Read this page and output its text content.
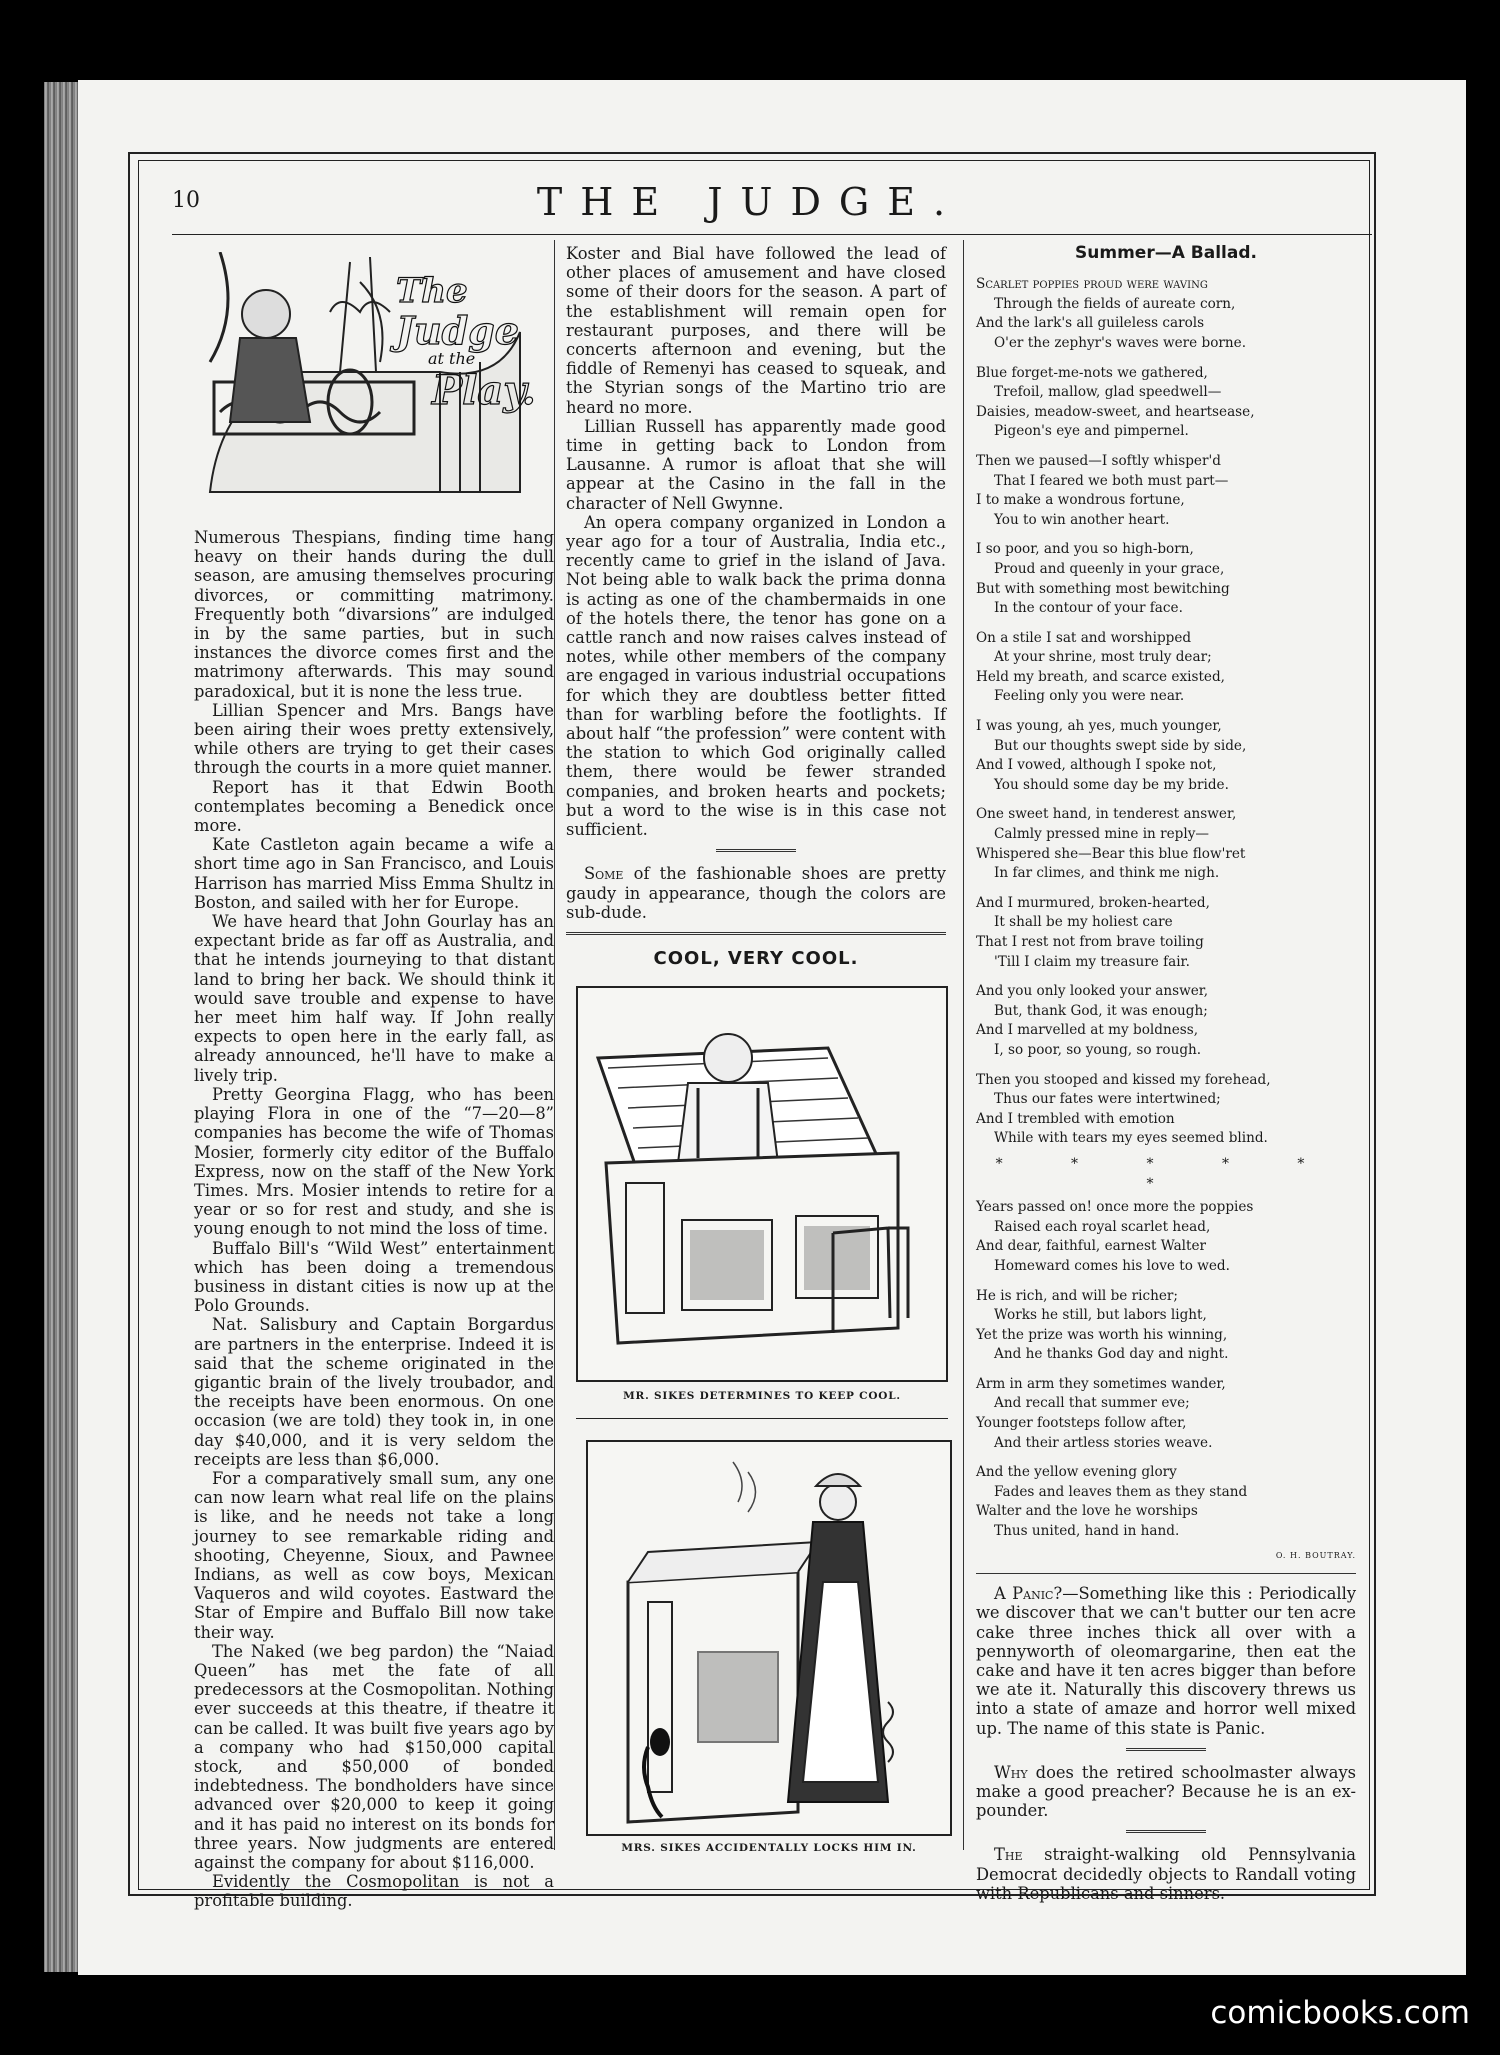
10	THE JUDGE.
The
Judge
at the
Play.

Numerous Thespians, finding time hang heavy on their hands during the dull season, are amusing themselves procuring divorces, or committing matrimony. Frequently both “divarsions” are indulged in by the same parties, but in such instances the divorce comes first and the matrimony afterwards. This may sound paradoxical, but it is none the less true.

Lillian Spencer and Mrs. Bangs have been airing their woes pretty extensively, while others are trying to get their cases through the courts in a more quiet manner.

Report has it that Edwin Booth contemplates becoming a Benedick once more.

Kate Castleton again became a wife a short time ago in San Francisco, and Louis Harrison has married Miss Emma Shultz in Boston, and sailed with her for Europe.

We have heard that John Gourlay has an expectant bride as far off as Australia, and that he intends journeying to that distant land to bring her back. We should think it would save trouble and expense to have her meet him half way. If John really expects to open here in the early fall, as already announced, he'll have to make a lively trip.

Pretty Georgina Flagg, who has been playing Flora in one of the “7—20—8” companies has become the wife of Thomas Mosier, formerly city editor of the Buffalo Express, now on the staff of the New York Times. Mrs. Mosier intends to retire for a year or so for rest and study, and she is young enough to not mind the loss of time.

Buffalo Bill's “Wild West” entertainment which has been doing a tremendous business in distant cities is now up at the Polo Grounds.

Nat. Salisbury and Captain Borgardus are partners in the enterprise. Indeed it is said that the scheme originated in the gigantic brain of the lively troubador, and the receipts have been enormous. On one occasion (we are told) they took in, in one day $40,000, and it is very seldom the receipts are less than $6,000.

For a comparatively small sum, any one can now learn what real life on the plains is like, and he needs not take a long journey to see remarkable riding and shooting, Cheyenne, Sioux, and Pawnee Indians, as well as cow boys, Mexican Vaqueros and wild coyotes. Eastward the Star of Empire and Buffalo Bill now take their way.

The Naked (we beg pardon) the “Naiad Queen” has met the fate of all predecessors at the Cosmopolitan. Nothing ever succeeds at this theatre, if theatre it can be called. It was built five years ago by a company who had $150,000 capital stock, and $50,000 of bonded indebtedness. The bondholders have since advanced over $20,000 to keep it going and it has paid no interest on its bonds for three years. Now judgments are entered against the company for about $116,000.

Evidently the Cosmopolitan is not a profitable building.

Koster and Bial have followed the lead of other places of amusement and have closed some of their doors for the season. A part of the establishment will remain open for restaurant purposes, and there will be concerts afternoon and evening, but the fiddle of Remenyi has ceased to squeak, and the Styrian songs of the Martino trio are heard no more.

Lillian Russell has apparently made good time in getting back to London from Lausanne. A rumor is afloat that she will appear at the Casino in the fall in the character of Nell Gwynne.

An opera company organized in London a year ago for a tour of Australia, India etc., recently came to grief in the island of Java. Not being able to walk back the prima donna is acting as one of the chambermaids in one of the hotels there, the tenor has gone on a cattle ranch and now raises calves instead of notes, while other members of the company are engaged in various industrial occupations for which they are doubtless better fitted than for warbling before the footlights. If about half “the profession” were content with the station to which God originally called them, there would be fewer stranded companies, and broken hearts and pockets; but a word to the wise is in this case not sufficient.

Some of the fashionable shoes are pretty gaudy in appearance, though the colors are sub-dude.

COOL, VERY COOL.
MR. SIKES DETERMINES TO KEEP COOL.
MRS. SIKES ACCIDENTALLY LOCKS HIM IN.
Summer—A Ballad.
Scarlet poppies proud were waving
Through the fields of aureate corn,
And the lark's all guileless carols
O'er the zephyr's waves were borne.
Blue forget-me-nots we gathered,
Trefoil, mallow, glad speedwell—
Daisies, meadow-sweet, and heartsease,
Pigeon's eye and pimpernel.
Then we paused—I softly whisper'd
That I feared we both must part—
I to make a wondrous fortune,
You to win another heart.
I so poor, and you so high-born,
Proud and queenly in your grace,
But with something most bewitching
In the contour of your face.
On a stile I sat and worshipped
At your shrine, most truly dear;
Held my breath, and scarce existed,
Feeling only you were near.
I was young, ah yes, much younger,
But our thoughts swept side by side,
And I vowed, although I spoke not,
You should some day be my bride.
One sweet hand, in tenderest answer,
Calmly pressed mine in reply—
Whispered she—Bear this blue flow'ret
In far climes, and think me nigh.
And I murmured, broken-hearted,
It shall be my holiest care
That I rest not from brave toiling
'Till I claim my treasure fair.
And you only looked your answer,
But, thank God, it was enough;
And I marvelled at my boldness,
I, so poor, so young, so rough.
Then you stooped and kissed my forehead,
Thus our fates were intertwined;
And I trembled with emotion
While with tears my eyes seemed blind.
* * * * * *
Years passed on! once more the poppies
Raised each royal scarlet head,
And dear, faithful, earnest Walter
Homeward comes his love to wed.
He is rich, and will be richer;
Works he still, but labors light,
Yet the prize was worth his winning,
And he thanks God day and night.
Arm in arm they sometimes wander,
And recall that summer eve;
Younger footsteps follow after,
And their artless stories weave.
And the yellow evening glory
Fades and leaves them as they stand
Walter and the love he worships
Thus united, hand in hand.
O. H. BOUTRAY.

A Panic?—Something like this : Periodically we discover that we can't butter our ten acre cake three inches thick all over with a pennyworth of oleomargarine, then eat the cake and have it ten acres bigger than before we ate it. Naturally this discovery threws us into a state of amaze and horror well mixed up. The name of this state is Panic.

Why does the retired schoolmaster always make a good preacher? Because he is an ex-pounder.

The straight-walking old Pennsylvania Democrat decidedly objects to Randall voting with Republicans and sinners.

comicbooks.com
